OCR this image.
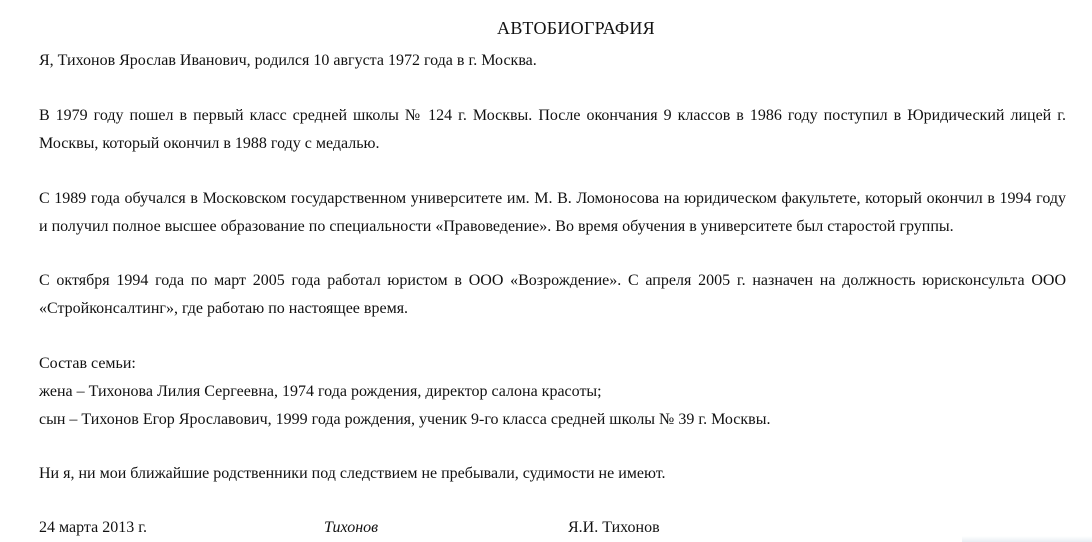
АВТОБИОГРАФИЯ
Я, Тихонов Ярослав Иванович, родился 10 августа 1972 года в г. Москва.
В 1979 году пошел в первый класс средней школы № 124 г. Москвы. После окончания 9 классов в 1986 году поступил в Юридический лицей г.
Москвы, который окончил в 1988 году с медалью.
С 1989 года обучался в Московском государственном университете им. М. В. Ломоносова на юридическом факультете, который окончил в 1994 году
и получил полное высшее образование по специальности «Правоведение». Во время обучения в университете был старостой группы.
С октября 1994 года по март 2005 года работал юристом в ООО «Возрождение». С апреля 2005 г. назначен на должность юрисконсульта ООО
«Стройконсалтинг», где работаю по настоящее время.
Состав семьи:
жена – Тихонова Лилия Сергеевна, 1974 года рождения, директор салона красоты;
сын – Тихонов Егор Ярославович, 1999 года рождения, ученик 9-го класса средней школы № 39 г. Москвы.
Ни я, ни мои ближайшие родственники под следствием не пребывали, судимости не имеют.
24 марта 2013 г.	Тихонов	Я.И. Тихонов
